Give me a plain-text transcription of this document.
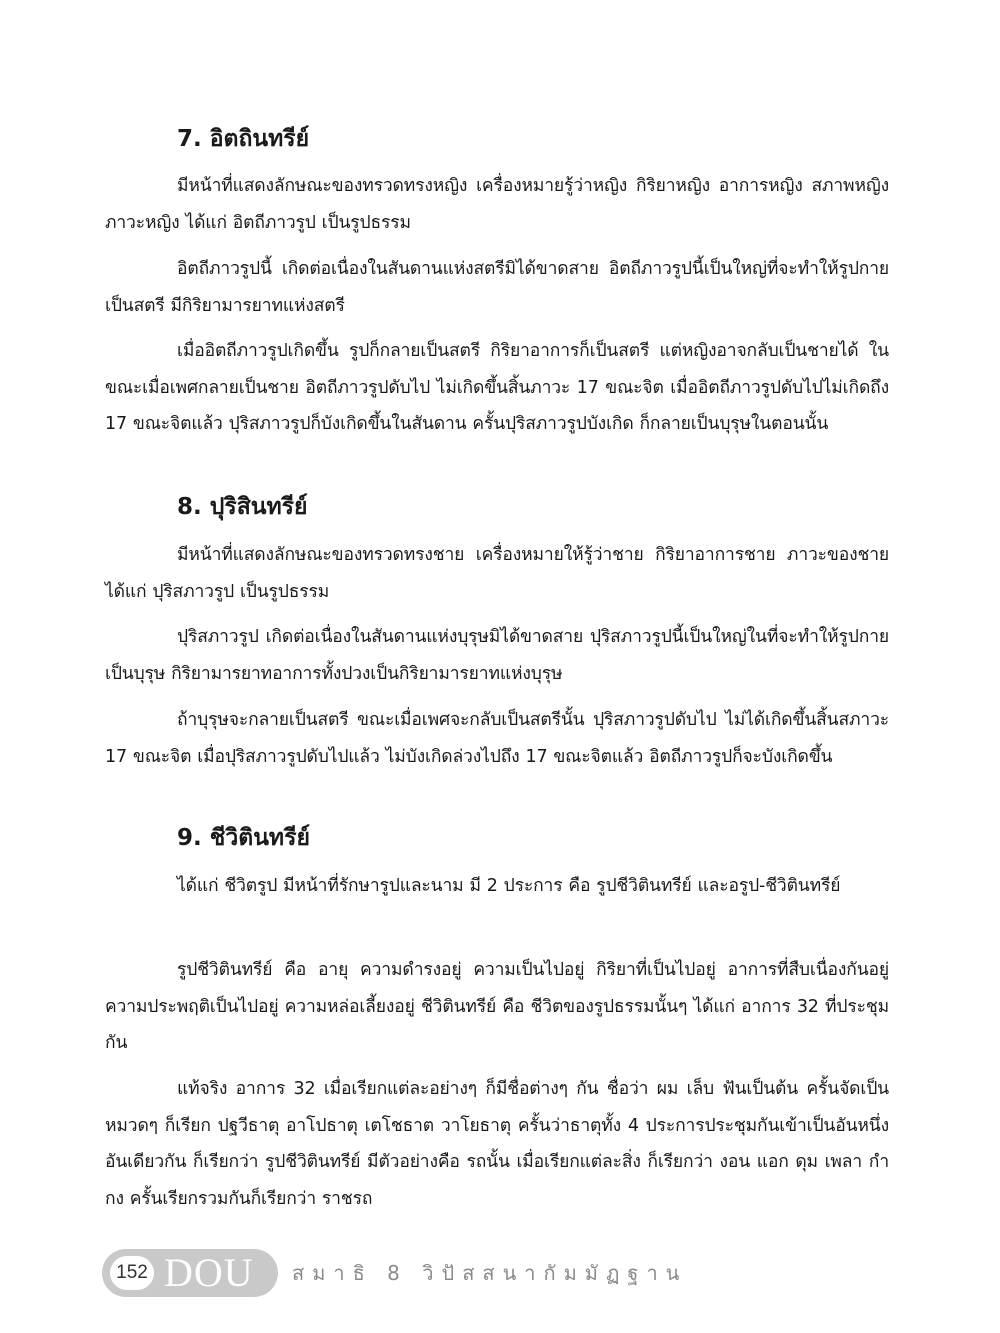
7. อิตถินทรีย์

มีหน้าที่แสดงลักษณะของทรวดทรงหญิง เครื่องหมายรู้ว่าหญิง กิริยาหญิง อาการหญิง สภาพหญิง ภาวะหญิง ได้แก่ อิตถีภาวรูป เป็นรูปธรรม

อิตถีภาวรูปนี้ เกิดต่อเนื่องในสันดานแห่งสตรีมิได้ขาดสาย อิตถีภาวรูปนี้เป็นใหญ่ที่จะทำให้รูปกายเป็นสตรี มีกิริยามารยาทแห่งสตรี

เมื่ออิตถีภาวรูปเกิดขึ้น รูปก็กลายเป็นสตรี กิริยาอาการก็เป็นสตรี แต่หญิงอาจกลับเป็นชายได้ ในขณะเมื่อเพศกลายเป็นชาย อิตถีภาวรูปดับไป ไม่เกิดขึ้นสิ้นภาวะ 17 ขณะจิต เมื่ออิตถีภาวรูปดับไปไม่เกิดถึง 17 ขณะจิตแล้ว ปุริสภาวรูปก็บังเกิดขึ้นในสันดาน ครั้นปุริสภาวรูปบังเกิด ก็กลายเป็นบุรุษในตอนนั้น

8. ปุริสินทรีย์

มีหน้าที่แสดงลักษณะของทรวดทรงชาย เครื่องหมายให้รู้ว่าชาย กิริยาอาการชาย ภาวะของชาย ได้แก่ ปุริสภาวรูป เป็นรูปธรรม

ปุริสภาวรูป เกิดต่อเนื่องในสันดานแห่งบุรุษมิได้ขาดสาย ปุริสภาวรูปนี้เป็นใหญ่ในที่จะทำให้รูปกายเป็นบุรุษ กิริยามารยาทอาการทั้งปวงเป็นกิริยามารยาทแห่งบุรุษ

ถ้าบุรุษจะกลายเป็นสตรี ขณะเมื่อเพศจะกลับเป็นสตรีนั้น ปุริสภาวรูปดับไป ไม่ได้เกิดขึ้นสิ้นสภาวะ 17 ขณะจิต เมื่อปุริสภาวรูปดับไปแล้ว ไม่บังเกิดล่วงไปถึง 17 ขณะจิตแล้ว อิตถีภาวรูปก็จะบังเกิดขึ้น

9. ชีวิตินทรีย์

ได้แก่ ชีวิตรูป มีหน้าที่รักษารูปและนาม มี 2 ประการ คือ รูปชีวิตินทรีย์ และอรูป-ชีวิตินทรีย์

รูปชีวิตินทรีย์ คือ อายุ ความดำรงอยู่ ความเป็นไปอยู่ กิริยาที่เป็นไปอยู่ อาการที่สืบเนื่องกันอยู่ ความประพฤติเป็นไปอยู่ ความหล่อเลี้ยงอยู่ ชีวิตินทรีย์ คือ ชีวิตของรูปธรรมนั้นๆ ได้แก่ อาการ 32 ที่ประชุมกัน

แท้จริง อาการ 32 เมื่อเรียกแต่ละอย่างๆ ก็มีชื่อต่างๆ กัน ชื่อว่า ผม เล็บ ฟันเป็นต้น ครั้นจัดเป็นหมวดๆ ก็เรียก ปฐวีธาตุ อาโปธาตุ เตโชธาต วาโยธาตุ ครั้นว่าธาตุทั้ง 4 ประการประชุมกันเข้าเป็นอันหนึ่งอันเดียวกัน ก็เรียกว่า รูปชีวิตินทรีย์ มีตัวอย่างคือ รถนั้น เมื่อเรียกแต่ละสิ่ง ก็เรียกว่า งอน แอก ดุม เพลา กำ กง ครั้นเรียกรวมกันก็เรียกว่า ราชรถ

152 DOU สมาธิ 8 วิปัสสนากัมมัฏฐาน
